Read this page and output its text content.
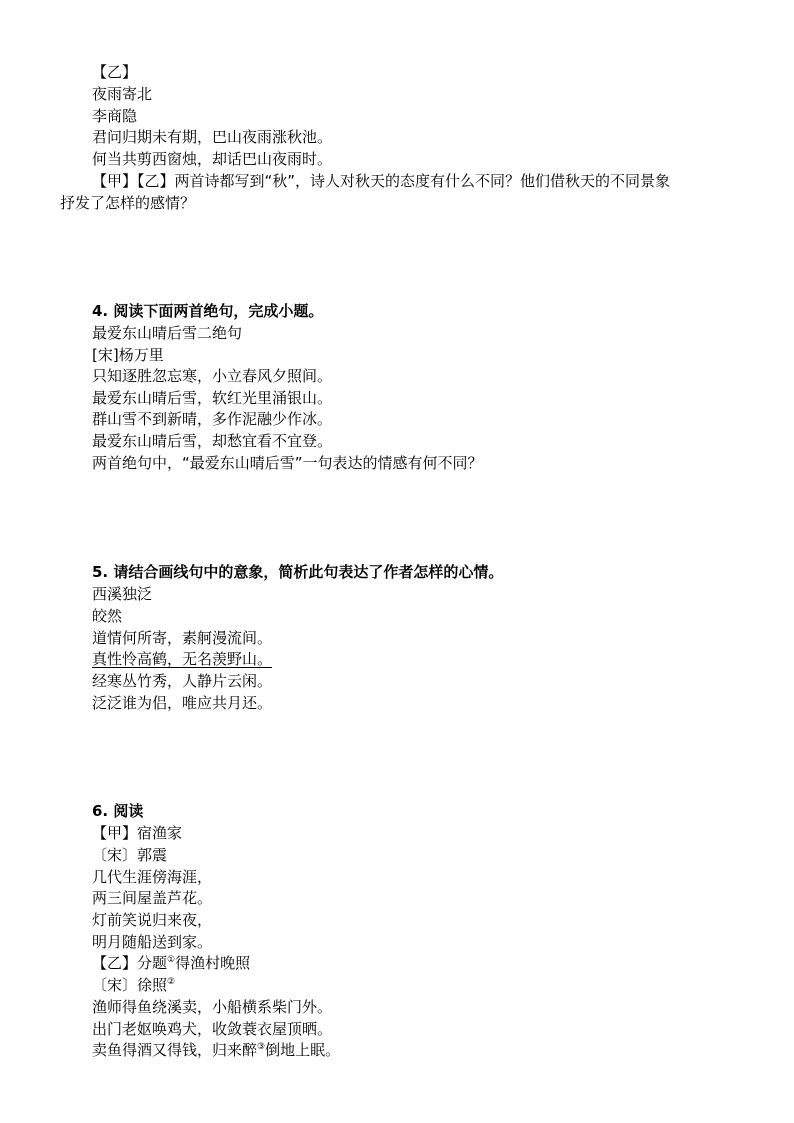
【乙】
夜雨寄北
李商隐
君问归期未有期，巴山夜雨涨秋池。
何当共剪西窗烛，却话巴山夜雨时。
【甲】【乙】两首诗都写到“秋”，诗人对秋天的态度有什么不同？他们借秋天的不同景象
抒发了怎样的感情？
4. 阅读下面两首绝句，完成小题。
最爱东山晴后雪二绝句
[宋]杨万里
只知逐胜忽忘寒，小立春风夕照间。
最爱东山晴后雪，软红光里涌银山。
群山雪不到新晴，多作泥融少作冰。
最爱东山晴后雪，却愁宜看不宜登。
两首绝句中，“最爱东山晴后雪”一句表达的情感有何不同？
5. 请结合画线句中的意象，简析此句表达了作者怎样的心情。
西溪独泛
皎然
道情何所寄，素舸漫流间。
真性怜高鹤，无名羡野山。
经寒丛竹秀，人静片云闲。
泛泛谁为侣，唯应共月还。
6. 阅读
【甲】宿渔家
〔宋〕郭震
几代生涯傍海涯，
两三间屋盖芦花。
灯前笑说归来夜，
明月随船送到家。
【乙】分题①得渔村晚照
〔宋〕徐照②
渔师得鱼绕溪卖，小船横系柴门外。
出门老妪唤鸡犬，收敛蓑衣屋顶晒。
卖鱼得酒又得钱，归来醉③倒地上眠。
